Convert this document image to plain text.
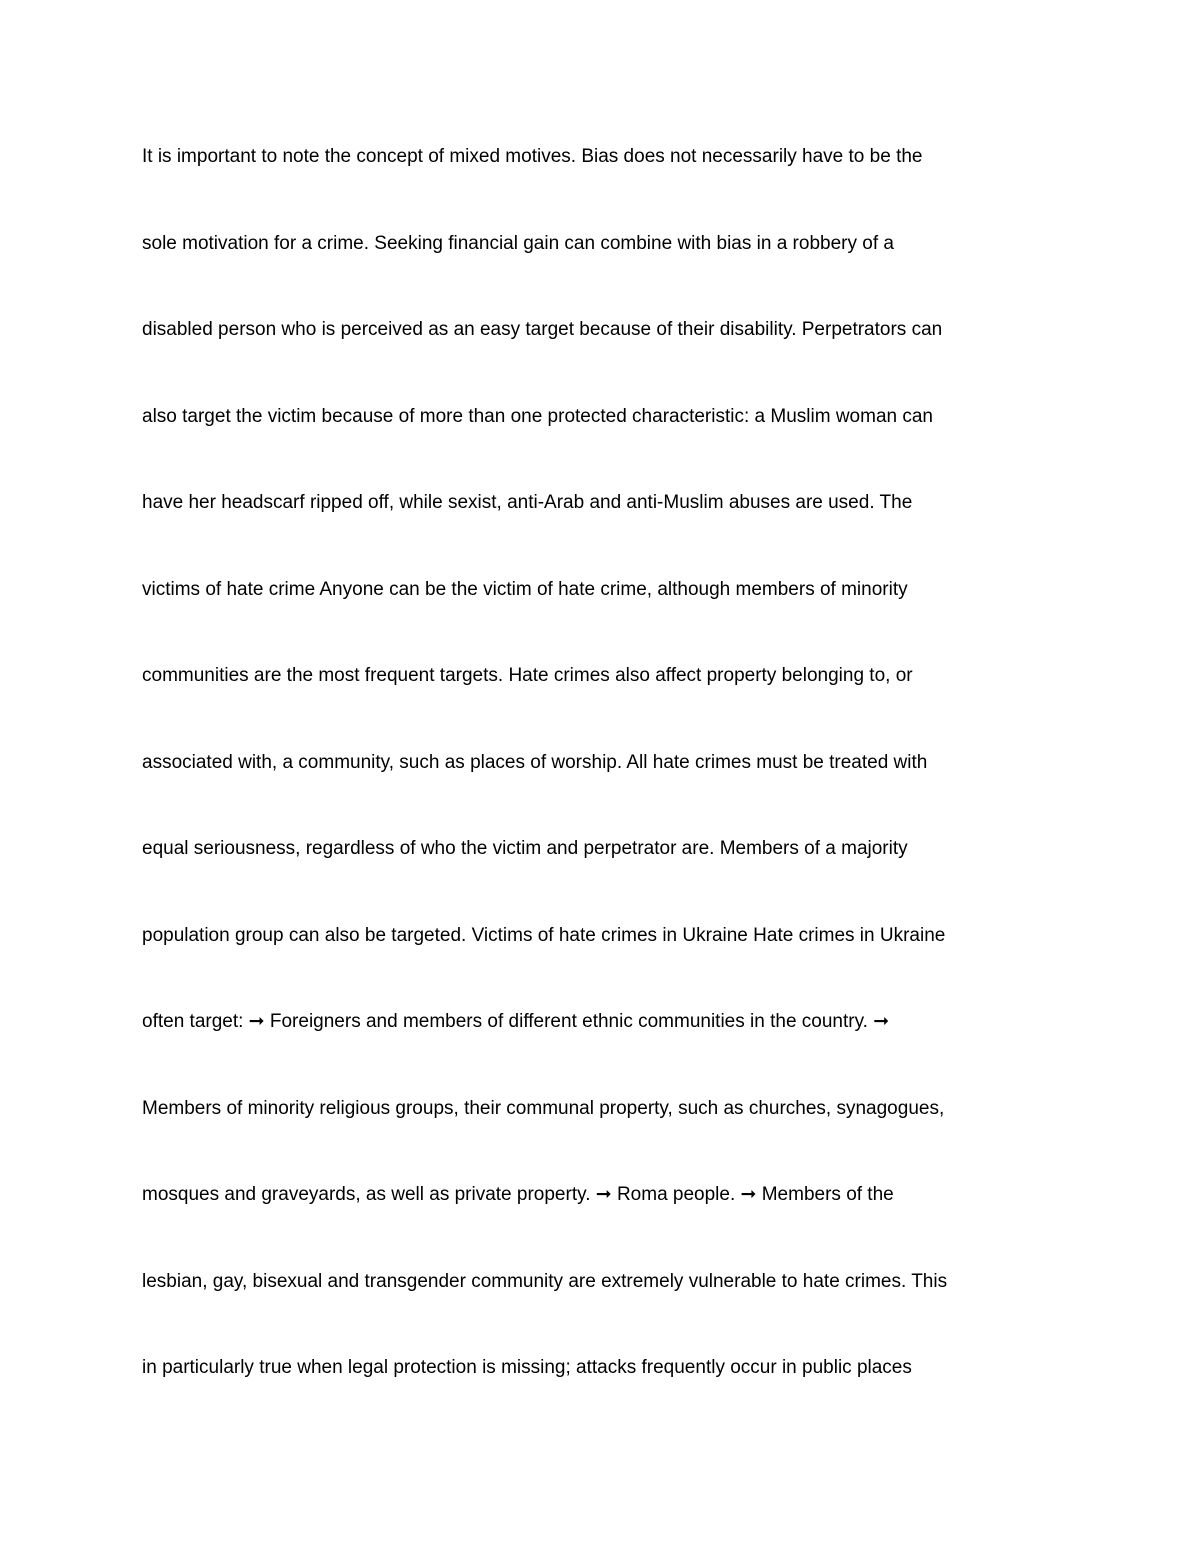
It is important to note the concept of mixed motives. Bias does not necessarily have to be the
sole motivation for a crime. Seeking financial gain can combine with bias in a robbery of a
disabled person who is perceived as an easy target because of their disability. Perpetrators can
also target the victim because of more than one protected characteristic: a Muslim woman can
have her headscarf ripped off, while sexist, anti-Arab and anti-Muslim abuses are used. The
victims of hate crime Anyone can be the victim of hate crime, although members of minority
communities are the most frequent targets. Hate crimes also affect property belonging to, or
associated with, a community, such as places of worship. All hate crimes must be treated with
equal seriousness, regardless of who the victim and perpetrator are. Members of a majority
population group can also be targeted. Victims of hate crimes in Ukraine Hate crimes in Ukraine
often target: ➞ Foreigners and members of different ethnic communities in the country. ➞
Members of minority religious groups, their communal property, such as churches, synagogues,
mosques and graveyards, as well as private property. ➞ Roma people. ➞ Members of the
lesbian, gay, bisexual and transgender community are extremely vulnerable to hate crimes. This
in particularly true when legal protection is missing; attacks frequently occur in public places
